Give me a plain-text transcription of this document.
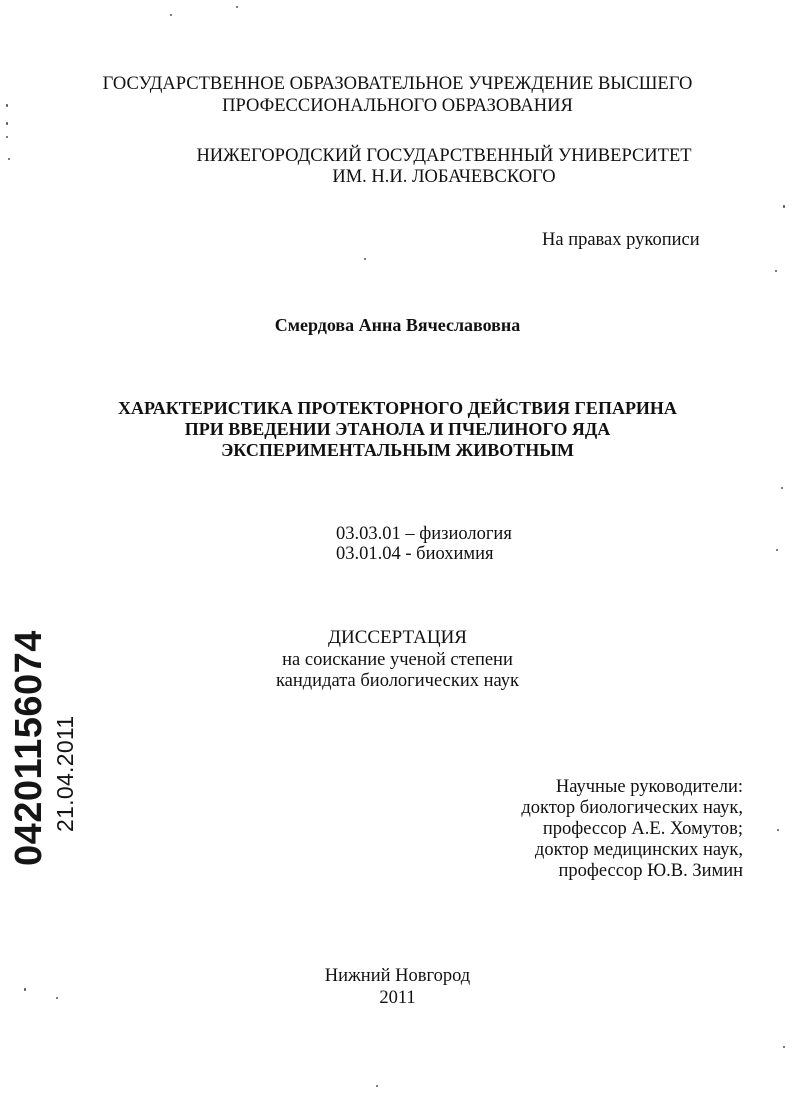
ГОСУДАРСТВЕННОЕ ОБРАЗОВАТЕЛЬНОЕ УЧРЕЖДЕНИЕ ВЫСШЕГО
ПРОФЕССИОНАЛЬНОГО ОБРАЗОВАНИЯ
НИЖЕГОРОДСКИЙ ГОСУДАРСТВЕННЫЙ УНИВЕРСИТЕТ
ИМ. Н.И. ЛОБАЧЕВСКОГО
На правах рукописи
Смердова Анна Вячеславовна
ХАРАКТЕРИСТИКА ПРОТЕКТОРНОГО ДЕЙСТВИЯ ГЕПАРИНА
ПРИ ВВЕДЕНИИ ЭТАНОЛА И ПЧЕЛИНОГО ЯДА
ЭКСПЕРИМЕНТАЛЬНЫМ ЖИВОТНЫМ
03.03.01 – физиология
03.01.04 - биохимия
ДИССЕРТАЦИЯ
на соискание ученой степени
кандидата биологических наук
Научные руководители:
доктор биологических наук,
профессор А.Е. Хомутов;
доктор медицинских наук,
профессор Ю.В. Зимин
Нижний Новгород
2011
04201156074 21.04.2011
